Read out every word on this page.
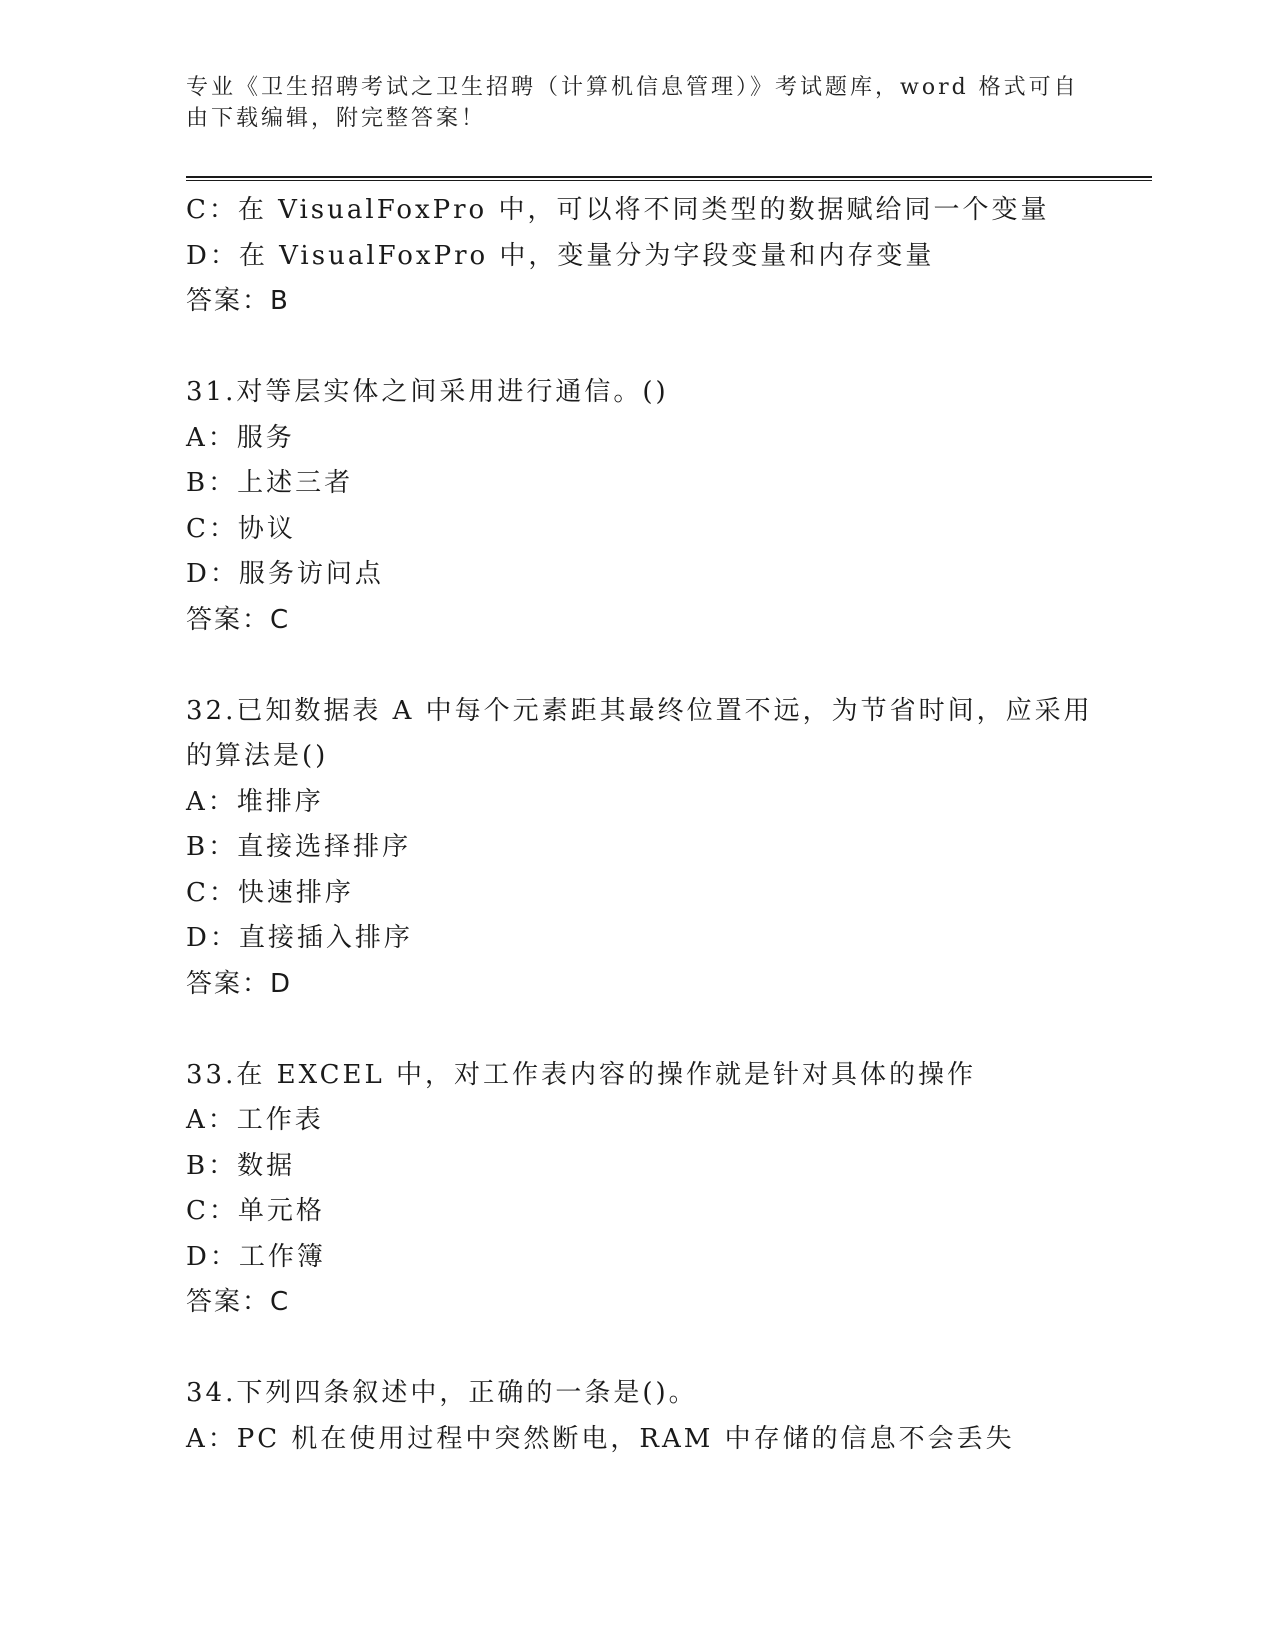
专业《卫生招聘考试之卫生招聘（计算机信息管理）》考试题库，word 格式可自
由下载编辑，附完整答案！
C：在 VisualFoxPro 中，可以将不同类型的数据赋给同一个变量
D：在 VisualFoxPro 中，变量分为字段变量和内存变量
答案：B
31.对等层实体之间采用进行通信。()
A：服务
B：上述三者
C：协议
D：服务访问点
答案：C
32.已知数据表 A 中每个元素距其最终位置不远，为节省时间，应采用
的算法是()
A：堆排序
B：直接选择排序
C：快速排序
D：直接插入排序
答案：D
33.在 EXCEL 中，对工作表内容的操作就是针对具体的操作
A：工作表
B：数据
C：单元格
D：工作簿
答案：C
34.下列四条叙述中，正确的一条是()。
A：PC 机在使用过程中突然断电，RAM 中存储的信息不会丢失
